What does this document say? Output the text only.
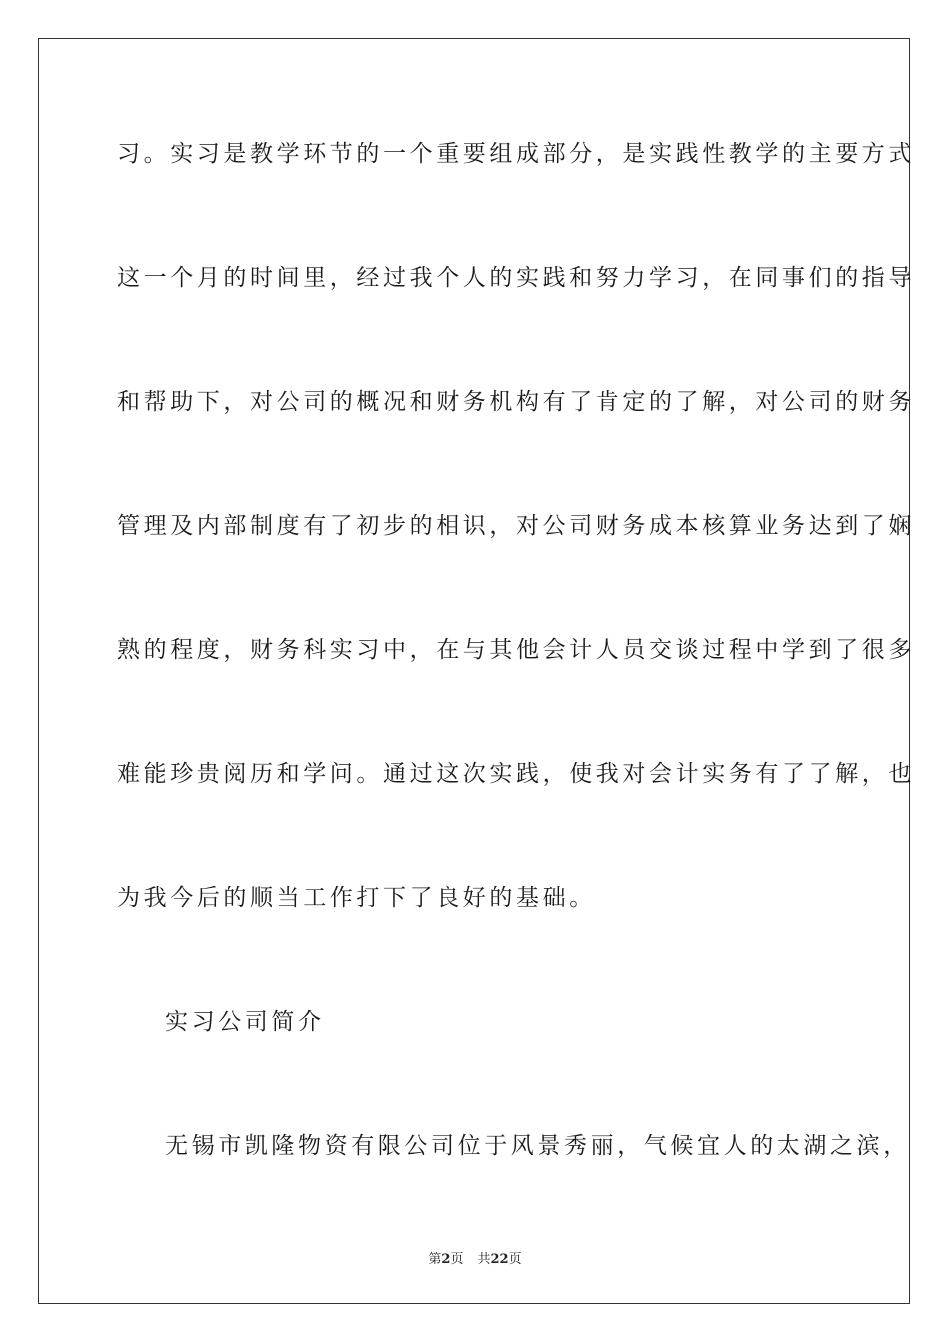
习。实习是教学环节的一个重要组成部分，是实践性教学的主要方式
这一个月的时间里，经过我个人的实践和努力学习，在同事们的指导
和帮助下，对公司的概况和财务机构有了肯定的了解，对公司的财务
管理及内部制度有了初步的相识，对公司财务成本核算业务达到了娴
熟的程度，财务科实习中，在与其他会计人员交谈过程中学到了很多
难能珍贵阅历和学问。通过这次实践，使我对会计实务有了了解，也
为我今后的顺当工作打下了良好的基础。
实习公司简介
无锡市凯隆物资有限公司位于风景秀丽，气候宜人的太湖之滨，
第2页 共22页
